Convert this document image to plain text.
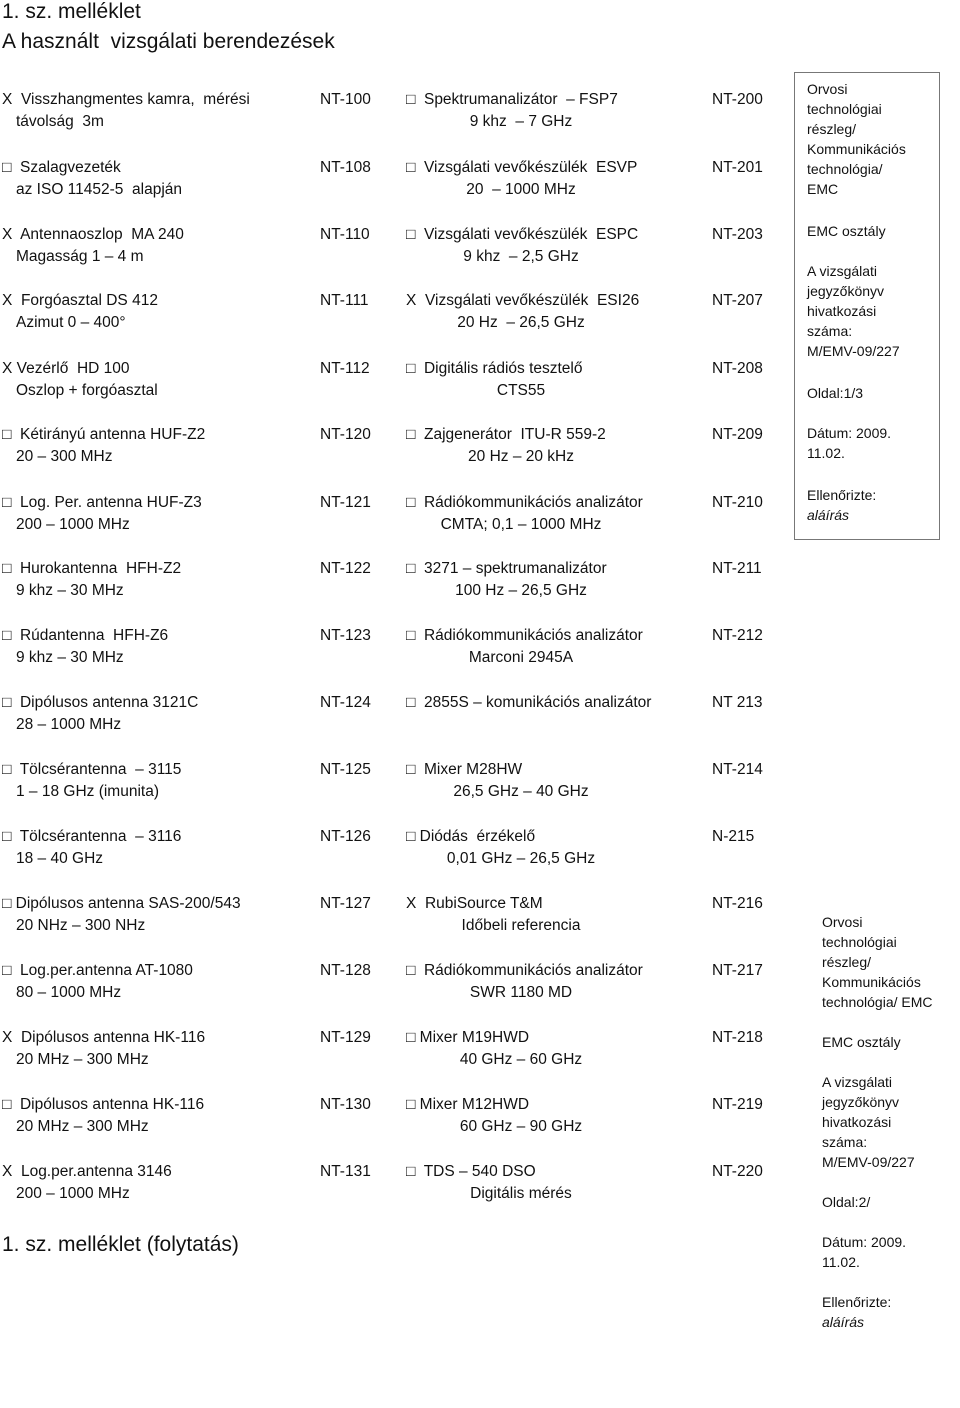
1. sz. melléklet
A használt  vizsgálati berendezések
X  Visszhangmentes kamra,  mérési
távolság  3m
NT-100 □  Spektrumanalizátor  – FSP7
9 khz  – 7 GHz
NT-200
□  Szalagvezeték
az ISO 11452-5  alapján
NT-108 □  Vizsgálati vevőkészülék  ESVP
20  – 1000 MHz
NT-201
X  Antennaoszlop  MA 240
Magasság 1 – 4 m
NT-110 □  Vizsgálati vevőkészülék  ESPC
9 khz  – 2,5 GHz
NT-203
X  Forgóasztal DS 412
Azimut 0 – 400°
NT-111 X  Vizsgálati vevőkészülék  ESI26
20 Hz  – 26,5 GHz
NT-207
X Vezérlő  HD 100
Oszlop + forgóasztal
NT-112 □  Digitális rádiós tesztelő
CTS55
NT-208
□  Kétirányú antenna HUF-Z2
20 – 300 MHz
NT-120 □  Zajgenerátor  ITU-R 559-2
20 Hz – 20 kHz
NT-209
□  Log. Per. antenna HUF-Z3
200 – 1000 MHz
NT-121 □  Rádiókommunikációs analizátor
CMTA; 0,1 – 1000 MHz
NT-210
□  Hurokantenna  HFH-Z2
9 khz – 30 MHz
NT-122 □  3271 – spektrumanalizátor
100 Hz – 26,5 GHz
NT-211
□  Rúdantenna  HFH-Z6
9 khz – 30 MHz
NT-123 □  Rádiókommunikációs analizátor
Marconi 2945A
NT-212
□  Dipólusos antenna 3121C
28 – 1000 MHz
NT-124 □  2855S – komunikációs analizátor	NT 213
□  Tölcsérantenna  – 3115
1 – 18 GHz (imunita)
NT-125 □  Mixer M28HW
26,5 GHz – 40 GHz
NT-214
□  Tölcsérantenna  – 3116
18 – 40 GHz
NT-126 □ Diódás  érzékelő
0,01 GHz – 26,5 GHz
N-215
□ Dipólusos antenna SAS-200/543
20 NHz – 300 NHz
NT-127 X  RubiSource T&M
Időbeli referencia
NT-216
□  Log.per.antenna AT-1080
80 – 1000 MHz
NT-128 □  Rádiókommunikációs analizátor
SWR 1180 MD
NT-217
X  Dipólusos antenna HK-116
20 MHz – 300 MHz
NT-129 □ Mixer M19HWD
40 GHz – 60 GHz
NT-218
□  Dipólusos antenna HK-116
20 MHz – 300 MHz
NT-130 □ Mixer M12HWD
60 GHz – 90 GHz
NT-219
X  Log.per.antenna 3146
200 – 1000 MHz
NT-131 □  TDS – 540 DSO
Digitális mérés
NT-220
1. sz. melléklet (folytatás)
Orvosi
technológiai
részleg/
Kommunikációs
technológia/
EMC
EMC osztály
A vizsgálati
jegyzőkönyv
hivatkozási
száma:
M/EMV-09/227
Oldal:1/3
Dátum: 2009.
11.02.
Ellenőrizte:
aláírás
Orvosi
technológiai
részleg/
Kommunikációs
technológia/ EMC
EMC osztály
A vizsgálati
jegyzőkönyv
hivatkozási
száma:
M/EMV-09/227
Oldal:2/
Dátum: 2009.
11.02.
Ellenőrizte:
aláírás
